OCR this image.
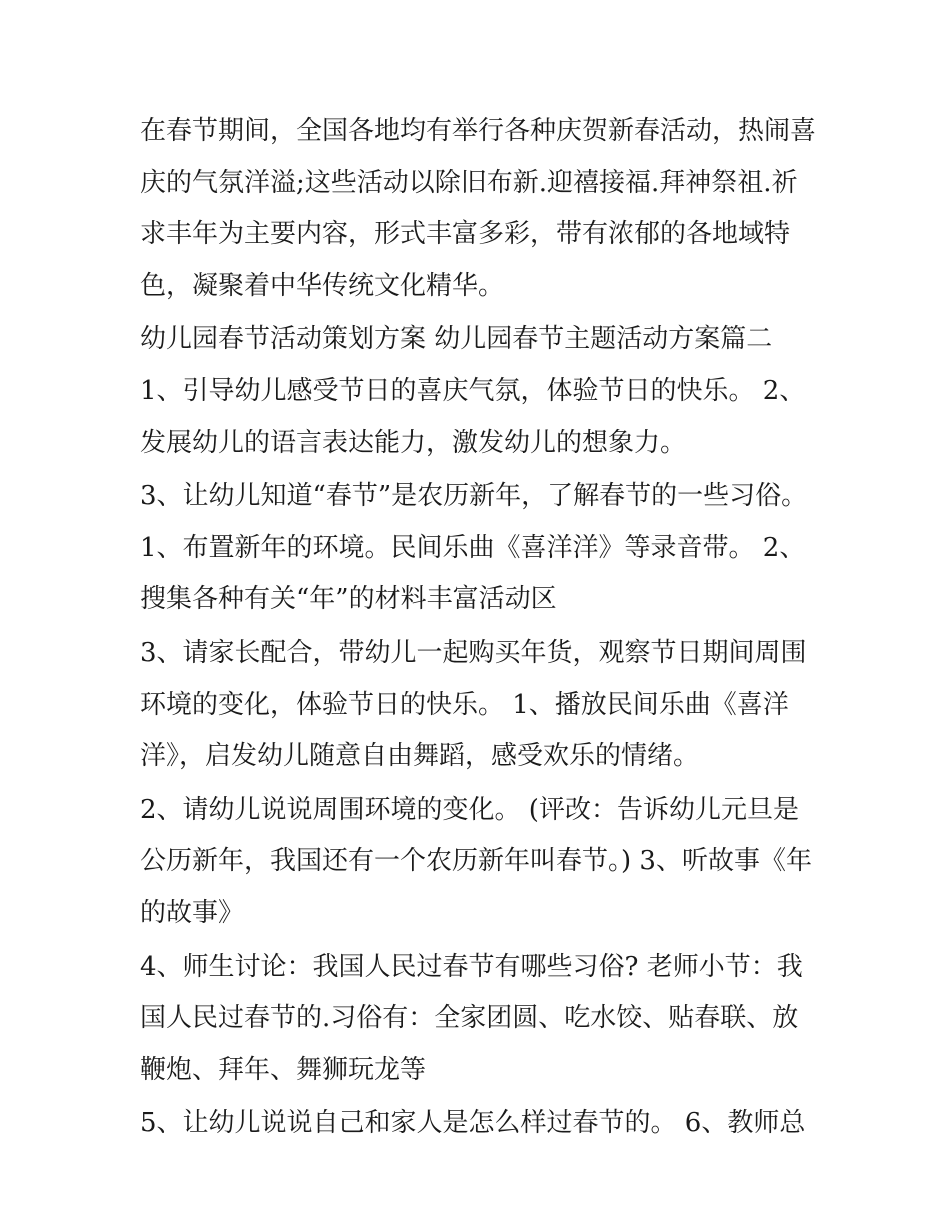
在春节期间，全国各地均有举行各种庆贺新春活动，热闹喜庆的气氛洋溢;这些活动以除旧布新.迎禧接福.拜神祭祖.祈求丰年为主要内容，形式丰富多彩，带有浓郁的各地域特色，凝聚着中华传统文化精华。

幼儿园春节活动策划方案 幼儿园春节主题活动方案篇二 1、引导幼儿感受节日的喜庆气氛，体验节日的快乐。 2、发展幼儿的语言表达能力，激发幼儿的想象力。

3、让幼儿知道“春节”是农历新年，了解春节的一些习俗。 1、布置新年的环境。民间乐曲《喜洋洋》等录音带。 2、搜集各种有关“年”的材料丰富活动区

3、请家长配合，带幼儿一起购买年货，观察节日期间周围环境的变化，体验节日的快乐。 1、播放民间乐曲《喜洋洋》，启发幼儿随意自由舞蹈，感受欢乐的情绪。

2、请幼儿说说周围环境的变化。 (评改：告诉幼儿元旦是公历新年，我国还有一个农历新年叫春节。) 3、听故事《年的故事》

4、师生讨论：我国人民过春节有哪些习俗? 老师小节：我国人民过春节的.习俗有：全家团圆、吃水饺、贴春联、放鞭炮、拜年、舞狮玩龙等

5、让幼儿说说自己和家人是怎么样过春节的。 6、教师总
